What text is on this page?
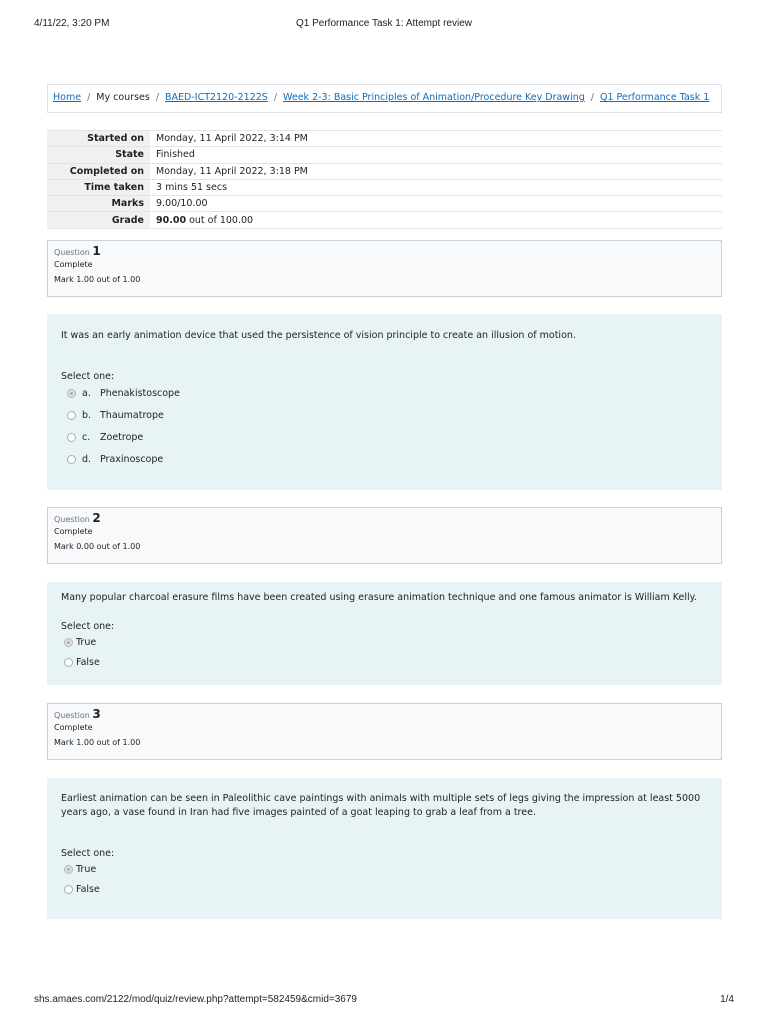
4/11/22, 3:20 PM	Q1 Performance Task 1: Attempt review
Home / My courses / BAED-ICT2120-2122S / Week 2-3: Basic Principles of Animation/Procedure Key Drawing / Q1 Performance Task 1
Started on	Monday, 11 April 2022, 3:14 PM
State	Finished
Completed on	Monday, 11 April 2022, 3:18 PM
Time taken	3 mins 51 secs
Marks	9.00/10.00
Grade	90.00 out of 100.00
Question 1
Complete
Mark 1.00 out of 1.00
It was an early animation device that used the persistence of vision principle to create an illusion of motion.
Select one:
a. Phenakistoscope
b. Thaumatrope
c. Zoetrope
d. Praxinoscope
Question 2
Complete
Mark 0.00 out of 1.00
Many popular charcoal erasure films have been created using erasure animation technique and one famous animator is William Kelly.
Select one:
True
False
Question 3
Complete
Mark 1.00 out of 1.00
Earliest animation can be seen in Paleolithic cave paintings with animals with multiple sets of legs giving the impression at least 5000 years ago, a vase found in Iran had five images painted of a goat leaping to grab a leaf from a tree.
Select one:
True
False
shs.amaes.com/2122/mod/quiz/review.php?attempt=582459&cmid=3679	1/4
